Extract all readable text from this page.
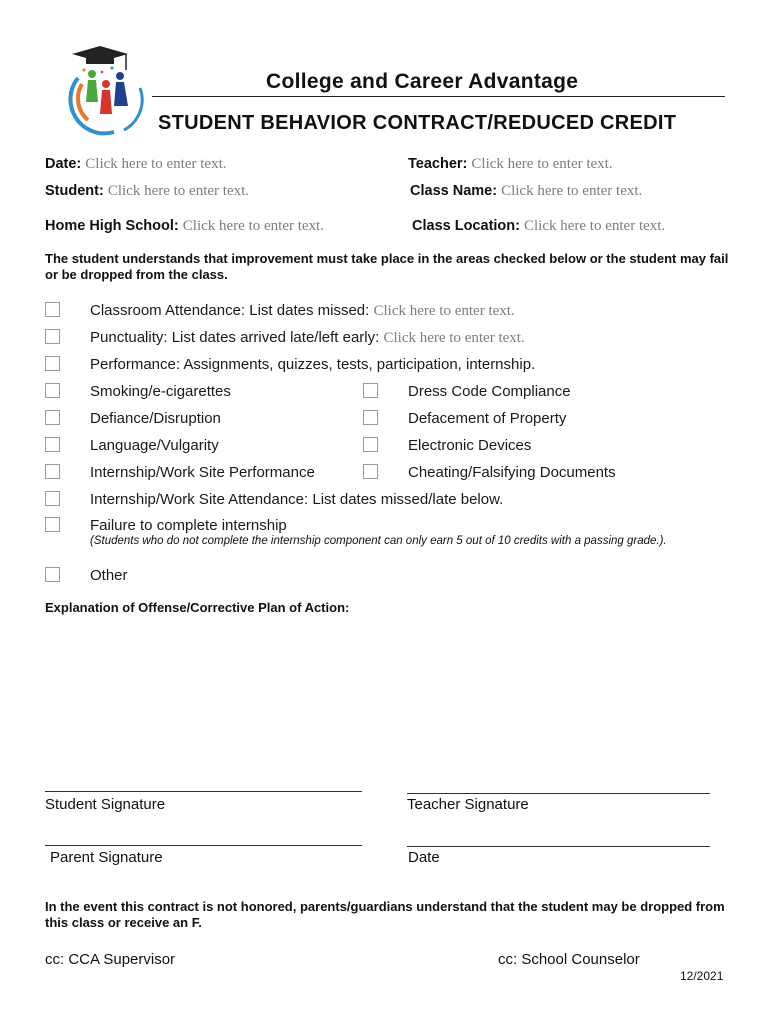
College and Career Advantage
STUDENT BEHAVIOR CONTRACT/REDUCED CREDIT
Date: Click here to enter text.	Teacher: Click here to enter text.
Student: Click here to enter text.	Class Name: Click here to enter text.
Home High School: Click here to enter text.	Class Location: Click here to enter text.
The student understands that improvement must take place in the areas checked below or the student may fail or be dropped from the class.
Classroom Attendance: List dates missed: Click here to enter text.
Punctuality: List dates arrived late/left early: Click here to enter text.
Performance: Assignments, quizzes, tests, participation, internship.
Smoking/e-cigarettes	Dress Code Compliance
Defiance/Disruption	Defacement of Property
Language/Vulgarity	Electronic Devices
Internship/Work Site Performance	Cheating/Falsifying Documents
Internship/Work Site Attendance: List dates missed/late below.
Failure to complete internship
(Students who do not complete the internship component can only earn 5 out of 10 credits with a passing grade.).
Other
Explanation of Offense/Corrective Plan of Action:
Student Signature	Teacher Signature
Parent Signature	Date
In the event this contract is not honored, parents/guardians understand that the student may be dropped from this class or receive an F.
cc: CCA Supervisor	cc: School Counselor
12/2021
